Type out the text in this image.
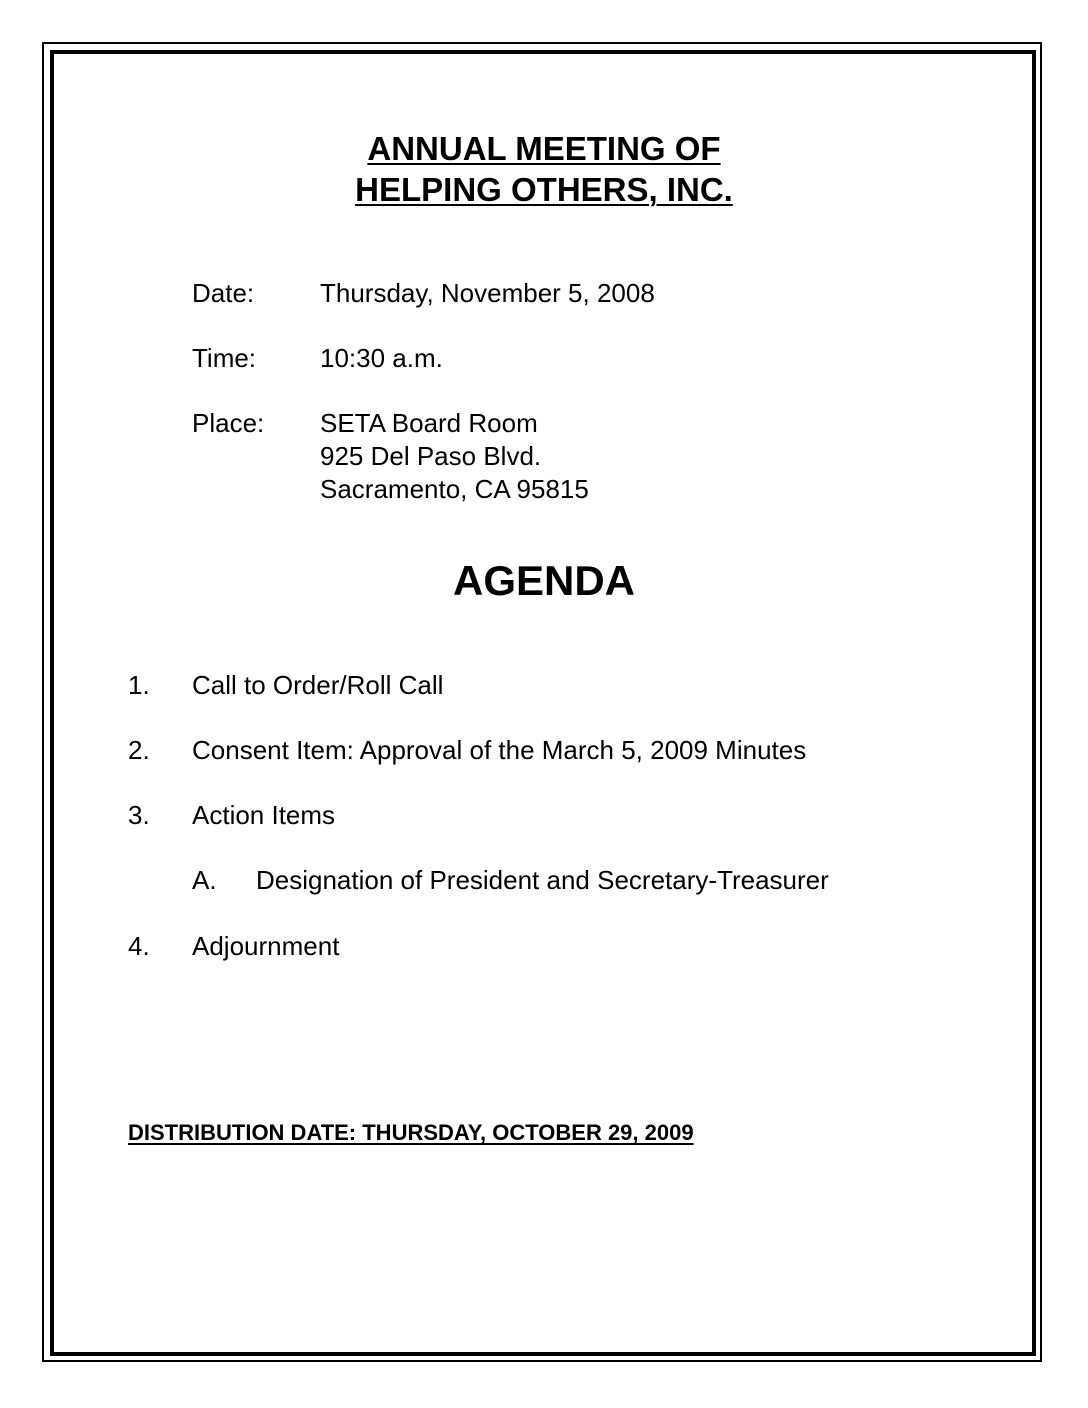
ANNUAL MEETING OF
HELPING OTHERS, INC.
Date:	Thursday, November 5, 2008
Time: 10:30 a.m.
Place: SETA Board Room
925 Del Paso Blvd.
Sacramento, CA 95815
AGENDA
1. Call to Order/Roll Call
2. Consent Item: Approval of the March 5, 2009 Minutes
3. Action Items
A. Designation of President and Secretary-Treasurer
4. Adjournment
DISTRIBUTION DATE: THURSDAY, OCTOBER 29, 2009
